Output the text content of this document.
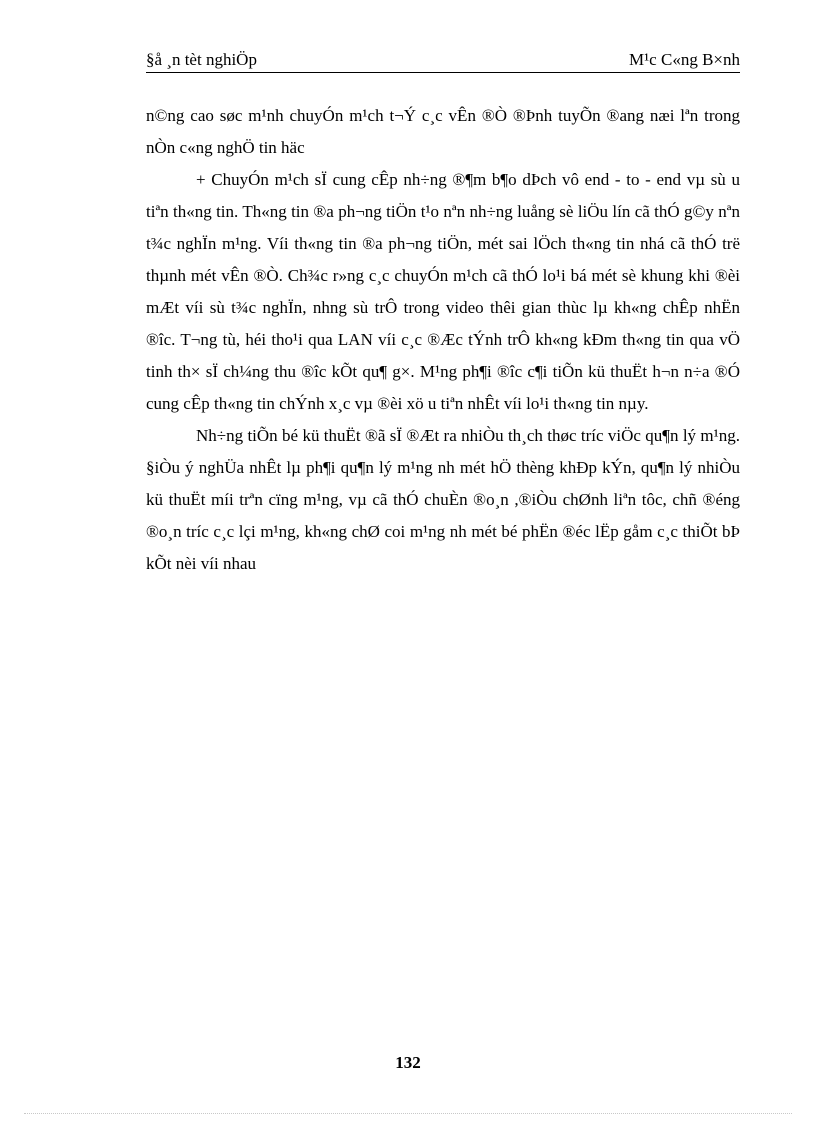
§å ¸n tèt nghiÖp	M¹c C«ng B×nh

n©ng cao søc m¹nh chuyÓn m¹ch t¬Ý c¸c vÊn ®Ò ®Þnh tuyÕn ®ang næi lªn trong nÒn c«ng nghÖ tin häc

+ ChuyÓn m¹ch sÏ cung cÊp nh÷ng ®¶m b¶o dÞch vô end - to - end vµ sù u tiªn th«ng tin. Th«ng tin ®a ph¬ng tiÖn t¹o nªn nh÷ng luång sè liÖu lín cã thÓ g©y nªn t¾c nghÏn m¹ng. Víi th«ng tin ®a ph¬ng tiÖn, mét sai lÖch th«ng tin nhá cã thÓ trë thµnh mét vÊn ®Ò. Ch¾c r»ng c¸c chuyÓn m¹ch cã thÓ lo¹i bá mét sè khung khi ®èi mÆt víi sù t¾c nghÏn, nhng sù trÔ trong video thêi gian thùc lµ kh«ng chÊp nhËn ®îc. T¬ng tù, héi tho¹i qua LAN víi c¸c ®Æc tÝnh trÔ kh«ng kÐm th«ng tin qua vÖ tinh th× sÏ ch¼ng thu ®îc kÕt qu¶ g×. M¹ng ph¶i ®îc c¶i tiÕn kü thuËt h¬n n÷a ®Ó cung cÊp th«ng tin chÝnh x¸c vµ ®èi xö u tiªn nhÊt víi lo¹i th«ng tin nµy.

Nh÷ng tiÕn bé kü thuËt ®ã sÏ ®Æt ra nhiÒu th¸ch thøc tríc viÖc qu¶n lý m¹ng. §iÒu ý nghÜa nhÊt lµ ph¶i qu¶n lý m¹ng nh mét hÖ thèng khÐp kÝn, qu¶n lý nhiÒu kü thuËt míi trªn cïng m¹ng, vµ cã thÓ chuÈn ®o¸n ,®iÒu chØnh liªn tôc, chñ ®éng ®o¸n tríc c¸c lçi m¹ng, kh«ng chØ coi m¹ng nh mét bé phËn ®éc lËp gåm c¸c thiÕt bÞ kÕt nèi víi nhau

132
